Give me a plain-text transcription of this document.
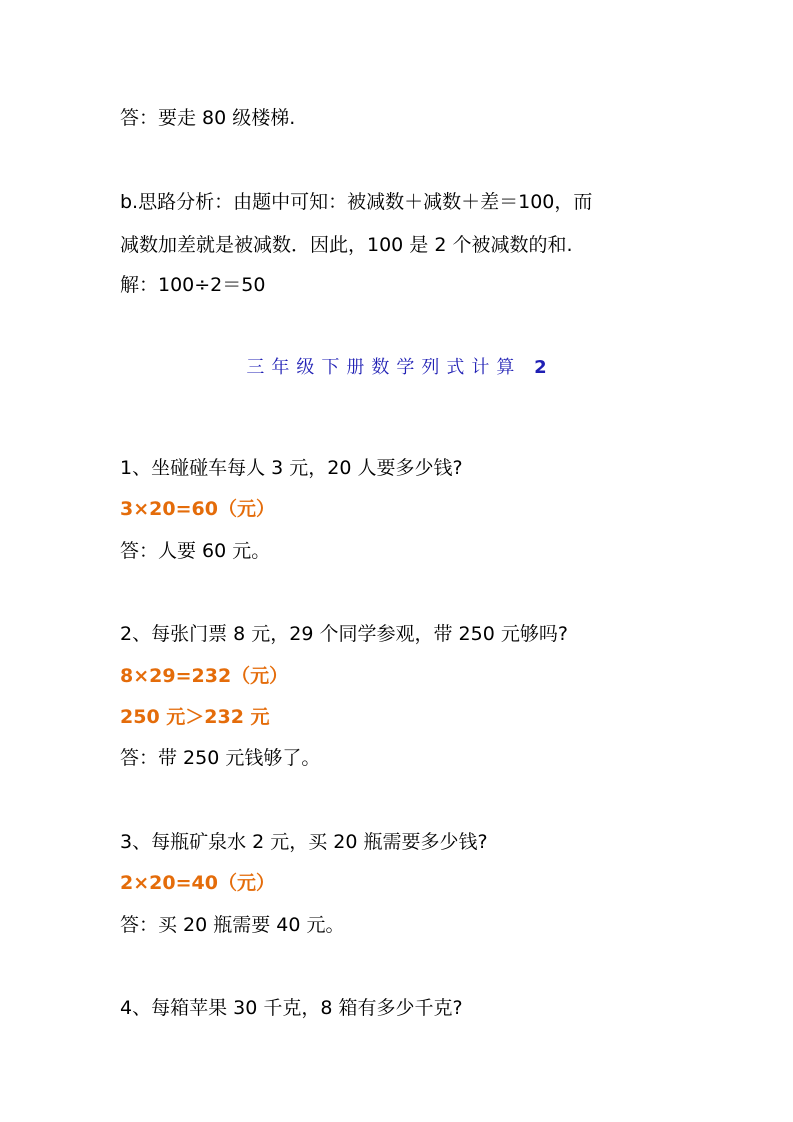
答：要走 80 级楼梯.
b.思路分析：由题中可知：被减数＋减数＋差＝100，而
减数加差就是被减数．因此，100 是 2 个被减数的和.
解：100÷2＝50
三年级下册数学列式计算 2
1、坐碰碰车每人 3 元，20 人要多少钱?
3×20=60（元）
答：人要 60 元。
2、每张门票 8 元，29 个同学参观，带 250 元够吗?
8×29=232（元）
250 元＞232 元
答：带 250 元钱够了。
3、每瓶矿泉水 2 元，买 20 瓶需要多少钱?
2×20=40（元）
答：买 20 瓶需要 40 元。
4、每箱苹果 30 千克，8 箱有多少千克?
